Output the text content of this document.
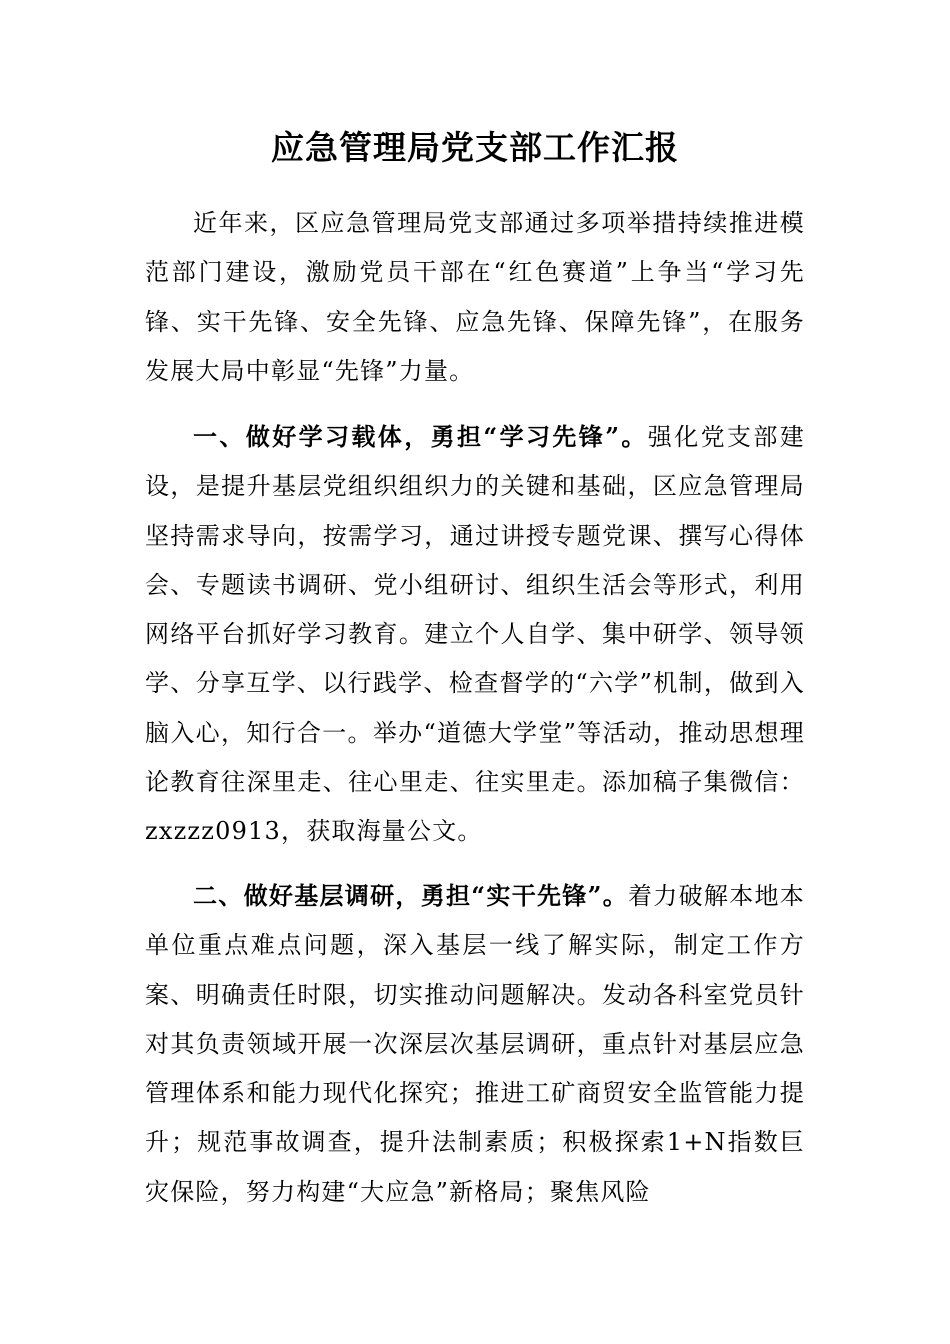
应急管理局党支部工作汇报

近年来，区应急管理局党支部通过多项举措持续推进模范部门建设，激励党员干部在“红色赛道”上争当“学习先锋、实干先锋、安全先锋、应急先锋、保障先锋”，在服务发展大局中彰显“先锋”力量。

一、做好学习载体，勇担“学习先锋”。强化党支部建设，是提升基层党组织组织力的关键和基础，区应急管理局坚持需求导向，按需学习，通过讲授专题党课、撰写心得体会、专题读书调研、党小组研讨、组织生活会等形式，利用网络平台抓好学习教育。建立个人自学、集中研学、领导领学、分享互学、以行践学、检查督学的“六学”机制，做到入脑入心，知行合一。举办“道德大学堂”等活动，推动思想理论教育往深里走、往心里走、往实里走。添加稿子集微信：zxzzz0913，获取海量公文。

二、做好基层调研，勇担“实干先锋”。着力破解本地本单位重点难点问题，深入基层一线了解实际，制定工作方案、明确责任时限，切实推动问题解决。发动各科室党员针对其负责领域开展一次深层次基层调研，重点针对基层应急管理体系和能力现代化探究；推进工矿商贸安全监管能力提升；规范事故调查，提升法制素质；积极探索1+N指数巨灾保险，努力构建“大应急”新格局；聚焦风险
